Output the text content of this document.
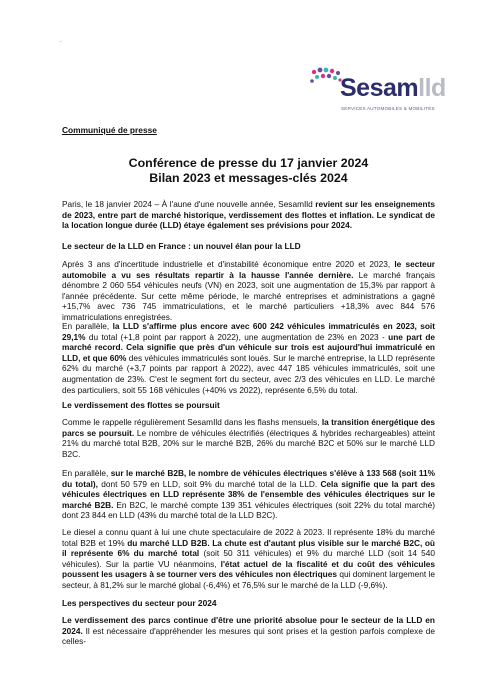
.
Sesamlld
SERVICES AUTOMOBILES & MOBILITÉS
Communiqué de presse
Conférence de presse du 17 janvier 2024
Bilan 2023 et messages-clés 2024
Paris, le 18 janvier 2024 – À l'aune d'une nouvelle année, SesamIld revient sur les enseignements de 2023, entre part de marché historique, verdissement des flottes et inflation. Le syndicat de la location longue durée (LLD) étaye également ses prévisions pour 2024.
Le secteur de la LLD en France : un nouvel élan pour la LLD
Après 3 ans d'incertitude industrielle et d'instabilité économique entre 2020 et 2023, le secteur automobile a vu ses résultats repartir à la hausse l'année dernière. Le marché français dénombre 2 060 554 véhicules neufs (VN) en 2023, soit une augmentation de 15,3% par rapport à l'année précédente. Sur cette même période, le marché entreprises et administrations a gagné +15,7% avec 736 745 immatriculations, et le marché particuliers +18,3% avec 844 576 immatriculations enregistrées.
En parallèle, la LLD s'affirme plus encore avec 600 242 véhicules immatriculés en 2023, soit 29,1% du total (+1,8 point par rapport à 2022), une augmentation de 23% en 2023 - une part de marché record. Cela signifie que près d'un véhicule sur trois est aujourd'hui immatriculé en LLD, et que 60% des véhicules immatriculés sont loués. Sur le marché entreprise, la LLD représente 62% du marché (+3,7 points par rapport à 2022), avec 447 185 véhicules immatriculés, soit une augmentation de 23%. C'est le segment fort du secteur, avec 2/3 des véhicules en LLD. Le marché des particuliers, soit 55 168 véhicules (+40% vs 2022), représente 6,5% du total.
Le verdissement des flottes se poursuit
Comme le rappelle régulièrement SesamIld dans les flashs mensuels, la transition énergétique des parcs se poursuit. Le nombre de véhicules électrifiés (électriques & hybrides rechargeables) atteint 21% du marché total B2B, 20% sur le marché B2B, 26% du marché B2C et 50% sur le marché LLD B2C.
En parallèle, sur le marché B2B, le nombre de véhicules électriques s'élève à 133 568 (soit 11% du total), dont 50 579 en LLD, soit 9% du marché total de la LLD. Cela signifie que la part des véhicules électriques en LLD représente 38% de l'ensemble des véhicules électriques sur le marché B2B. En B2C, le marché compte 139 351 véhicules électriques (soit 22% du total marché) dont 23 844 en LLD (43% du marché total de la LLD B2C).
Le diesel a connu quant à lui une chute spectaculaire de 2022 à 2023. Il représente 18% du marché total B2B et 19% du marché LLD B2B. La chute est d'autant plus visible sur le marché B2C, où il représente 6% du marché total (soit 50 311 véhicules) et 9% du marché LLD (soit 14 540 véhicules). Sur la partie VU néanmoins, l'état actuel de la fiscalité et du coût des véhicules poussent les usagers à se tourner vers des véhicules non électriques qui dominent largement le secteur, à 81,2% sur le marché global (-6,4%) et 76,5% sur le marché de la LLD (-9,6%).
Les perspectives du secteur pour 2024
Le verdissement des parcs continue d'être une priorité absolue pour le secteur de la LLD en 2024. Il est nécessaire d'appréhender les mesures qui sont prises et la gestion parfois complexe de celles-
